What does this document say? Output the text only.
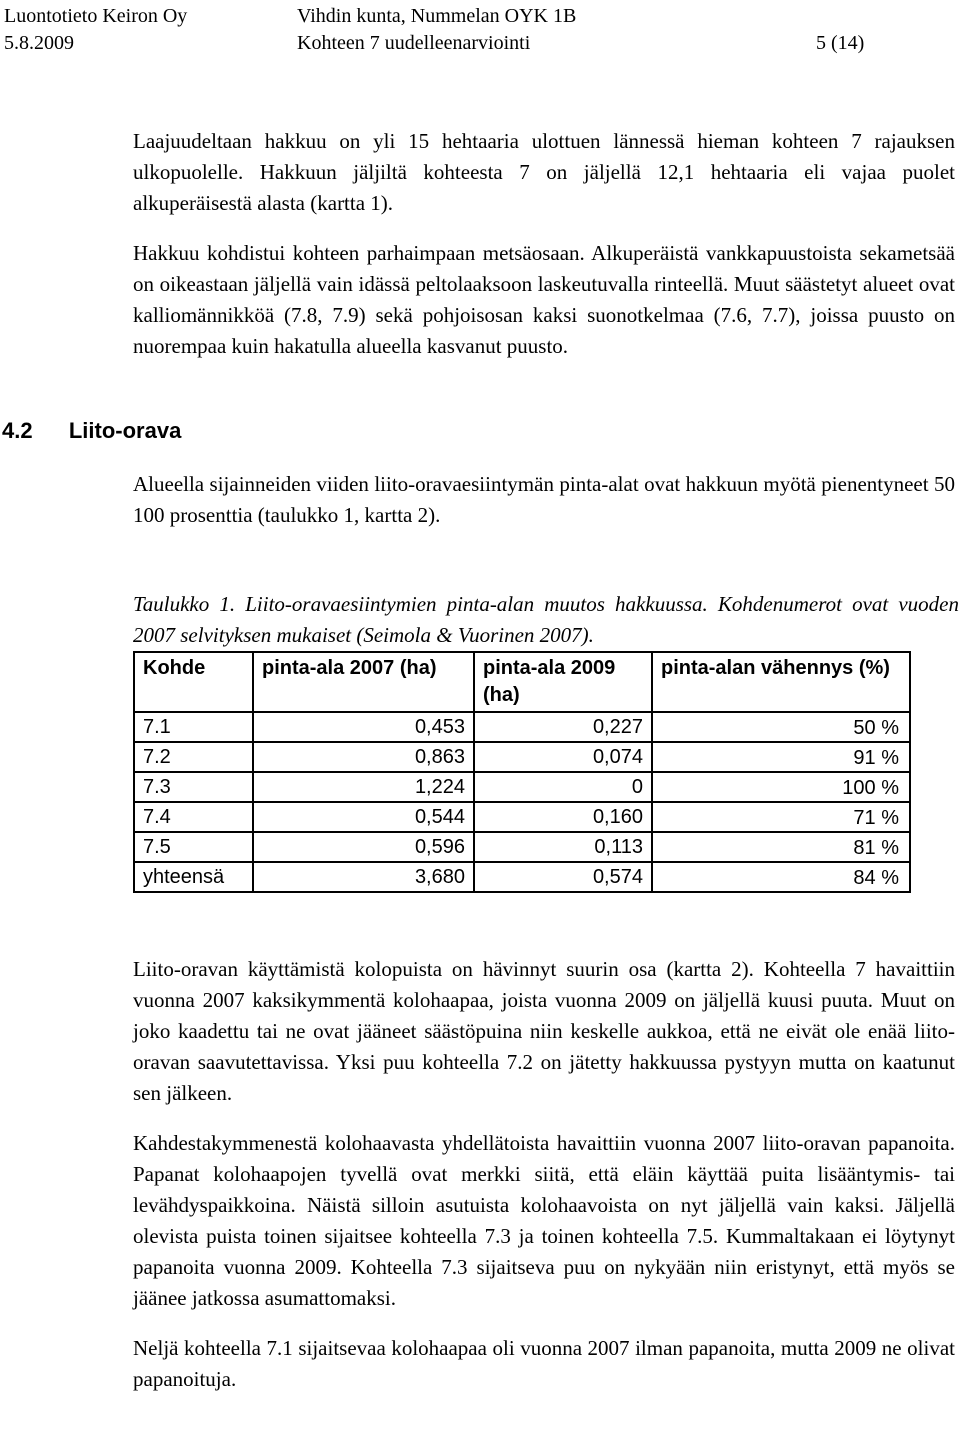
Luontotieto Keiron Oy
5.8.2009
Vihdin kunta, Nummelan OYK 1B
Kohteen 7 uudelleenarviointi	5 (14)

Laajuudeltaan hakkuu on yli 15 hehtaaria ulottuen lännessä hieman kohteen 7 rajauksen ulkopuolelle. Hakkuun jäljiltä kohteesta 7 on jäljellä 12,1 hehtaaria eli vajaa puolet alkuperäisestä alasta (kartta 1).

Hakkuu kohdistui kohteen parhaimpaan metsäosaan. Alkuperäistä vankkapuustoista sekametsää on oikeastaan jäljellä vain idässä peltolaaksoon laskeutuvalla rinteellä. Muut säästetyt alueet ovat kalliomännikköä (7.8, 7.9) sekä pohjoisosan kaksi suonotkelmaa (7.6, 7.7), joissa puusto on nuorempaa kuin hakatulla alueella kasvanut puusto.

4.2 Liito-orava
Alueella sijainneiden viiden liito-oravaesiintymän pinta-alat ovat hakkuun myötä pienentyneet 50 100 prosenttia (taulukko 1, kartta 2).
Taulukko 1. Liito-oravaesiintymien pinta-alan muutos hakkuussa. Kohdenumerot ovat vuoden 2007 selvityksen mukaiset (Seimola & Vuorinen 2007).
Kohde	pinta-ala 2007 (ha)	pinta-ala 2009 (ha)	pinta-alan vähennys (%)
7.1	0,453	0,227	50 %
7.2	0,863	0,074	91 %
7.3	1,224	0	100 %
7.4	0,544	0,160	71 %
7.5	0,596	0,113	81 %
yhteensä	3,680	0,574	84 %

Liito-oravan käyttämistä kolopuista on hävinnyt suurin osa (kartta 2). Kohteella 7 havaittiin vuonna 2007 kaksikymmentä kolohaapaa, joista vuonna 2009 on jäljellä kuusi puuta. Muut on joko kaadettu tai ne ovat jääneet säästöpuina niin keskelle aukkoa, että ne eivät ole enää liito-oravan saavutettavissa. Yksi puu kohteella 7.2 on jätetty hakkuussa pystyyn mutta on kaatunut sen jälkeen.

Kahdestakymmenestä kolohaavasta yhdellätoista havaittiin vuonna 2007 liito-oravan papanoita. Papanat kolohaapojen tyvellä ovat merkki siitä, että eläin käyttää puita lisääntymis- tai levähdyspaikkoina. Näistä silloin asutuista kolohaavoista on nyt jäljellä vain kaksi. Jäljellä olevista puista toinen sijaitsee kohteella 7.3 ja toinen kohteella 7.5. Kummaltakaan ei löytynyt papanoita vuonna 2009. Kohteella 7.3 sijaitseva puu on nykyään niin eristynyt, että myös se jäänee jatkossa asumattomaksi.

Neljä kohteella 7.1 sijaitsevaa kolohaapaa oli vuonna 2007 ilman papanoita, mutta 2009 ne olivat papanoituja.
